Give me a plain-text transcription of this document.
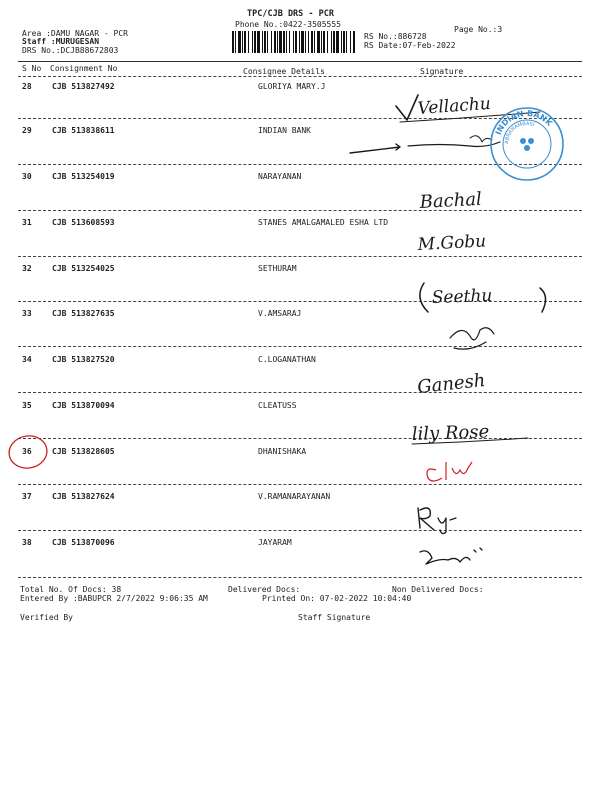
TPC/CJB DRS - PCR
Phone No.:0422-3505555
Area :DAMU NAGAR - PCR
Staff :MURUGESAN
DRS No.:DCJB88672803
Page No.:3
RS No.:886728
RS Date:07-Feb-2022
S No Consignment No	Consignee Details	Signature
28	CJB 513827492	GLORIYA MARY.J
29	CJB 513838611	INDIAN BANK
30	CJB 513254019	NARAYANAN
31	CJB 513608593	STANES AMALGAMALED ESHA LTD
32	CJB 513254025	SETHURAM
33	CJB 513827635	V.AMSARAJ
34	CJB 513827520	C.LOGANATHAN
35	CJB 513870094	CLEATUSS
36	CJB 513828605	DHANISHAKA
37	CJB 513827624	V.RAMANARAYANAN
38	CJB 513870096	JAYARAM
Total No. Of Docs: 38	Delivered Docs:	Non Delivered Docs:
Entered By :BABUPCR 2/7/2022 9:06:35 AM	Printed On: 07-02-2022 10:04:40
Verified By	Staff Signature
Vellachu
Bachal
M.Gobu
Seethu
Ganesh
lily Rose
INDIAN BANK
ABRAHAMBASI
